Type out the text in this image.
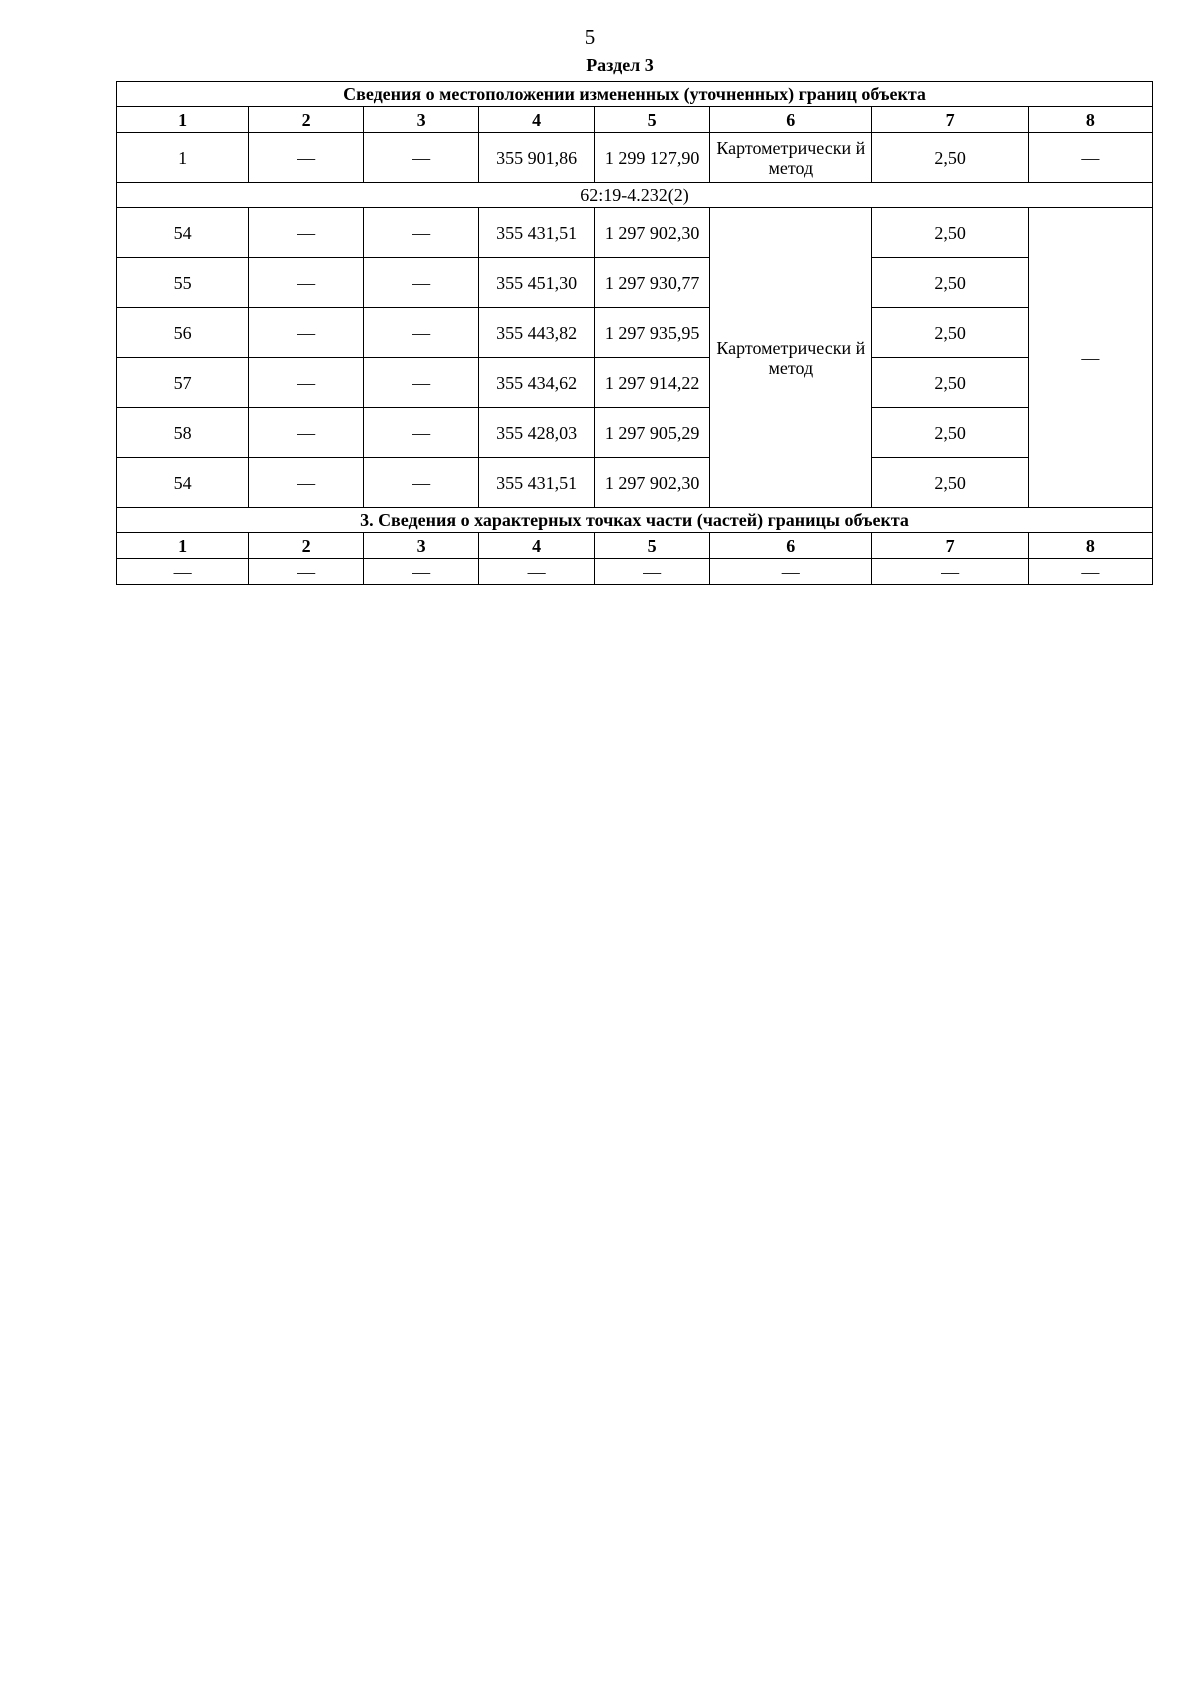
5
Раздел 3
Сведения о местоположении измененных (уточненных) границ объекта							
1	2	3	4	5	6	7	8
1	—	—	355 901,86	1 299 127,90	Картометрически й метод	2,50	—
62:19-4.232(2)							
54	—	—	355 431,51	1 297 902,30	Картометрически й метод	2,50	—
55	—	—	355 451,30	1 297 930,77		2,50	
56	—	—	355 443,82	1 297 935,95		2,50	
57	—	—	355 434,62	1 297 914,22		2,50	
58	—	—	355 428,03	1 297 905,29		2,50	
54	—	—	355 431,51	1 297 902,30		2,50	
3. Сведения о характерных точках части (частей) границы объекта							
1	2	3	4	5	6	7	8
—	—	—	—	—	—	—	—
